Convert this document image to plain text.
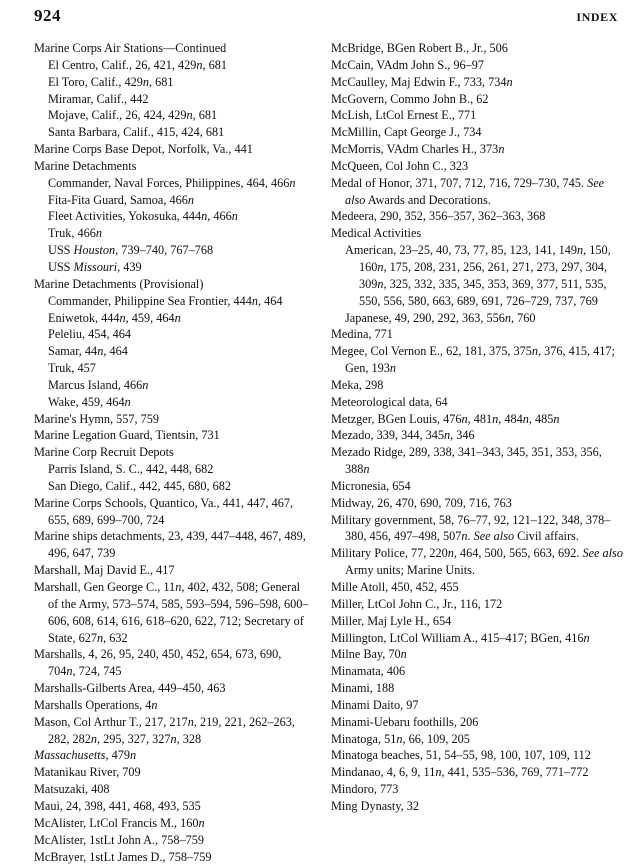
924	INDEX
Marine Corps Air Stations—Continued
El Centro, Calif., 26, 421, 429n, 681
El Toro, Calif., 429n, 681
Miramar, Calif., 442
Mojave, Calif., 26, 424, 429n, 681
Santa Barbara, Calif., 415, 424, 681
Marine Corps Base Depot, Norfolk, Va., 441
Marine Detachments
Commander, Naval Forces, Philippines, 464, 466n
Fita-Fita Guard, Samoa, 466n
Fleet Activities, Yokosuka, 444n, 466n
Truk, 466n
USS Houston, 739–740, 767–768
USS Missouri, 439
Marine Detachments (Provisional)
Commander, Philippine Sea Frontier, 444n, 464
Eniwetok, 444n, 459, 464n
Peleliu, 454, 464
Samar, 44n, 464
Truk, 457
Marcus Island, 466n
Wake, 459, 464n
Marine's Hymn, 557, 759
Marine Legation Guard, Tientsin, 731
Marine Corp Recruit Depots
Parris Island, S. C., 442, 448, 682
San Diego, Calif., 442, 445, 680, 682
Marine Corps Schools, Quantico, Va., 441, 447, 467, 655, 689, 699–700, 724
Marine ships detachments, 23, 439, 447–448, 467, 489, 496, 647, 739
Marshall, Maj David E., 417
Marshall, Gen George C., 11n, 402, 432, 508; General of the Army, 573–574, 585, 593–594, 596–598, 600–606, 608, 614, 616, 618–620, 622, 712; Secretary of State, 627n, 632
Marshalls, 4, 26, 95, 240, 450, 452, 654, 673, 690, 704n, 724, 745
Marshalls-Gilberts Area, 449–450, 463
Marshalls Operations, 4n
Mason, Col Arthur T., 217, 217n, 219, 221, 262–263, 282, 282n, 295, 327, 327n, 328
Massachusetts, 479n
Matanikau River, 709
Matsuzaki, 408
Maui, 24, 398, 441, 468, 493, 535
McAlister, LtCol Francis M., 160n
McAlister, 1stLt John A., 758–759
McBrayer, 1stLt James D., 758–759
McBridge, BGen Robert B., Jr., 506
McCain, VAdm John S., 96–97
McCaulley, Maj Edwin F., 733, 734n
McGovern, Commo John B., 62
McLish, LtCol Ernest E., 771
McMillin, Capt George J., 734
McMorris, VAdm Charles H., 373n
McQueen, Col John C., 323
Medal of Honor, 371, 707, 712, 716, 729–730, 745. See also Awards and Decorations.
Medeera, 290, 352, 356–357, 362–363, 368
Medical Activities
American, 23–25, 40, 73, 77, 85, 123, 141, 149n, 150, 160n, 175, 208, 231, 256, 261, 271, 273, 297, 304, 309n, 325, 332, 335, 345, 353, 369, 377, 511, 535, 550, 556, 580, 663, 689, 691, 726–729, 737, 769
Japanese, 49, 290, 292, 363, 556n, 760
Medina, 771
Megee, Col Vernon E., 62, 181, 375, 375n, 376, 415, 417; Gen, 193n
Meka, 298
Meteorological data, 64
Metzger, BGen Louis, 476n, 481n, 484n, 485n
Mezado, 339, 344, 345n, 346
Mezado Ridge, 289, 338, 341–343, 345, 351, 353, 356, 388n
Micronesia, 654
Midway, 26, 470, 690, 709, 716, 763
Military government, 58, 76–77, 92, 121–122, 348, 378–380, 456, 497–498, 507n. See also Civil affairs.
Military Police, 77, 220n, 464, 500, 565, 663, 692. See also Army units; Marine Units.
Mille Atoll, 450, 452, 455
Miller, LtCol John C., Jr., 116, 172
Miller, Maj Lyle H., 654
Millington, LtCol William A., 415–417; BGen, 416n
Milne Bay, 70n
Minamata, 406
Minami, 188
Minami Daito, 97
Minami-Uebaru foothills, 206
Minatoga, 51n, 66, 109, 205
Minatoga beaches, 51, 54–55, 98, 100, 107, 109, 112
Mindanao, 4, 6, 9, 11n, 441, 535–536, 769, 771–772
Mindoro, 773
Ming Dynasty, 32
